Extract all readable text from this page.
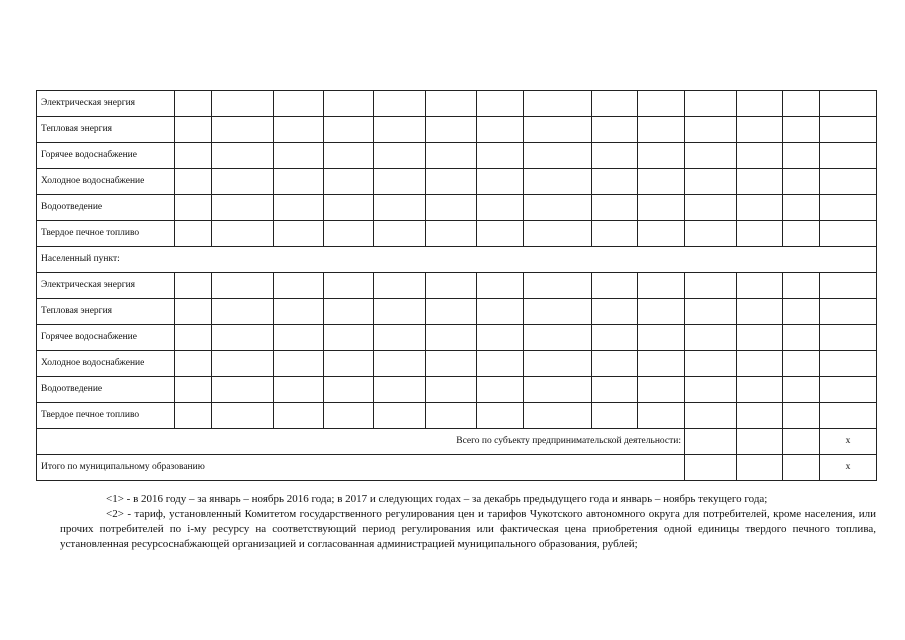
Электрическая энергия														
Тепловая энергия														
Горячее водоснабжение														
Холодное водоснабжение														
Водоотведение														
Твердое печное топливо														
Населенный пункт:														
Электрическая энергия														
Тепловая энергия														
Горячее водоснабжение														
Холодное водоснабжение														
Водоотведение														
Твердое печное топливо														
Всего по субъекту предпринимательской деятельности:														x
Итого по муниципальному образованию														x

<1> - в 2016 году – за январь – ноябрь 2016 года; в 2017 и следующих годах – за декабрь предыдущего года и январь – ноябрь текущего года;

<2> - тариф, установленный Комитетом государственного регулирования цен и тарифов Чукотского автономного округа для потребителей, кроме населения, или прочих потребителей по i-му ресурсу на соответствующий период регулирования или фактическая цена приобретения одной единицы твердого печного топлива, установленная ресурсоснабжающей организацией и согласованная администрацией муниципального образования, рублей;
